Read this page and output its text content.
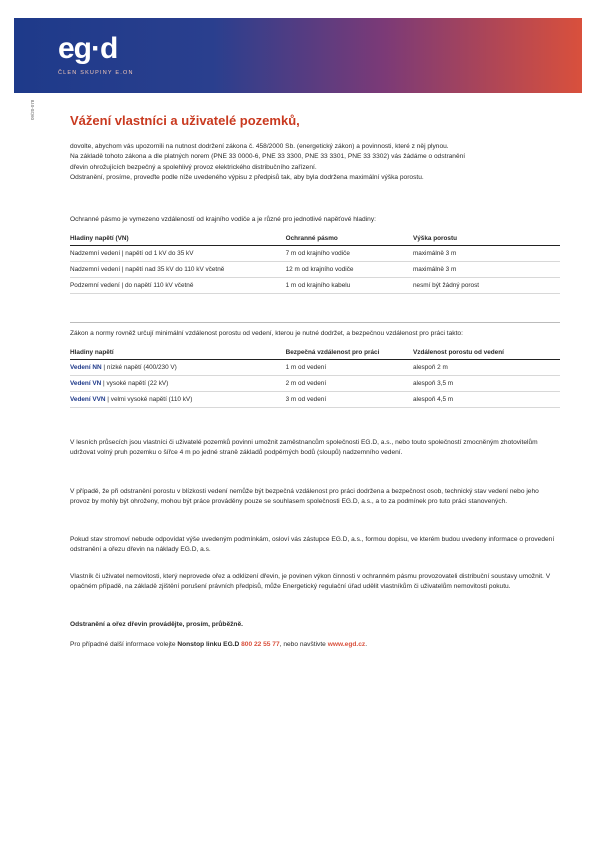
eg·d
ČLEN SKUPINY E.ON
09/20-078
Vážení vlastníci a uživatelé pozemků,

dovolte, abychom vás upozornili na nutnost dodržení zákona č. 458/2000 Sb. (energetický zákon) a povinnosti, které z něj plynou.

Na základě tohoto zákona a dle platných norem (PNE 33 0000-6, PNE 33 3300, PNE 33 3301, PNE 33 3302) vás žádáme o odstranění

dřevin ohrožujících bezpečný a spolehlivý provoz elektrického distribučního zařízení.

Odstranění, prosíme, proveďte podle níže uvedeného výpisu z předpisů tak, aby byla dodržena maximální výška porostu.

Ochranné pásmo je vymezeno vzdáleností od krajního vodiče a je různé pro jednotlivé napěťové hladiny:
Hladiny napětí (VN)	Ochranné pásmo	Výška porostu
Nadzemní vedení | napětí od 1 kV do 35 kV	7 m od krajního vodiče	maximálně 3 m
Nadzemní vedení | napětí nad 35 kV do 110 kV včetně	12 m od krajního vodiče	maximálně 3 m
Podzemní vedení | do napětí 110 kV včetně	1 m od krajního kabelu	nesmí být žádný porost
Zákon a normy rovněž určují minimální vzdálenost porostu od vedení, kterou je nutné dodržet, a bezpečnou vzdálenost pro práci takto:
Hladiny napětí	Bezpečná vzdálenost pro práci	Vzdálenost porostu od vedení
Vedení NN | nízké napětí (400/230 V)	1 m od vedení	alespoň 2 m
Vedení VN | vysoké napětí (22 kV)	2 m od vedení	alespoň 3,5 m
Vedení VVN | velmi vysoké napětí (110 kV)	3 m od vedení	alespoň 4,5 m
V lesních průsecích jsou vlastníci či uživatelé pozemků povinni umožnit zaměstnancům společnosti EG.D, a.s., nebo touto společností zmocněným zhotovitelům udržovat volný pruh pozemku o šířce 4 m po jedné straně základů podpěrných bodů (sloupů) nadzemního vedení.
V případě, že při odstranění porostu v blízkosti vedení nemůže být bezpečná vzdálenost pro práci dodržena a bezpečnost osob, technický stav vedení nebo jeho provoz by mohly být ohroženy, mohou být práce prováděny pouze se souhlasem společnosti EG.D, a.s., a to za podmínek pro tuto práci stanovených.
Pokud stav stromoví nebude odpovídat výše uvedeným podmínkám, osloví vás zástupce EG.D, a.s., formou dopisu, ve kterém budou uvedeny informace o provedení odstranění a ořezu dřevin na náklady EG.D, a.s.
Vlastník či uživatel nemovitosti, který neprovede ořez a odklizení dřevin, je povinen výkon činnosti v ochranném pásmu provozovateli distribuční soustavy umožnit. V opačném případě, na základě zjištění porušení právních předpisů, může Energetický regulační úřad udělit vlastníkům či uživatelům nemovitosti pokutu.
Odstranění a ořez dřevin provádějte, prosím, průběžně.
Pro případné další informace volejte Nonstop linku EG.D 800 22 55 77, nebo navštivte www.egd.cz.
